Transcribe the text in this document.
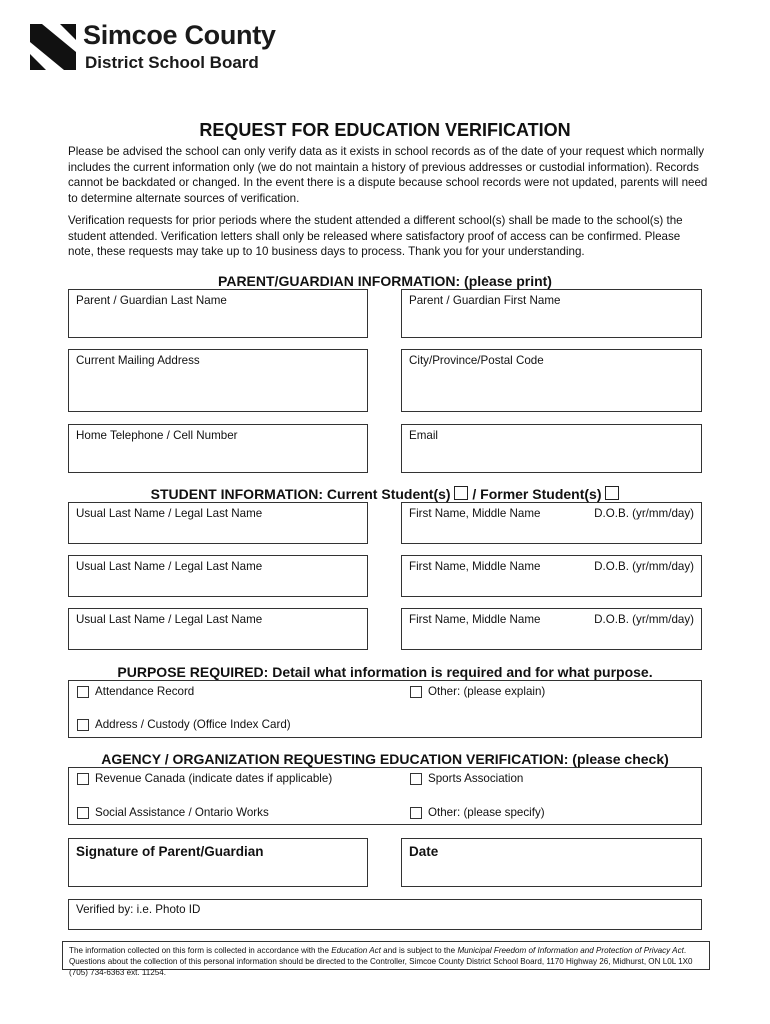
Simcoe County
District School Board
REQUEST FOR EDUCATION VERIFICATION
Please be advised the school can only verify data as it exists in school records as of the date of your request which normally includes the current information only (we do not maintain a history of previous addresses or custodial information). Records cannot be backdated or changed. In the event there is a dispute because school records were not updated, parents will need to determine alternate sources of verification.
Verification requests for prior periods where the student attended a different school(s) shall be made to the school(s) the student attended. Verification letters shall only be released where satisfactory proof of access can be confirmed. Please note, these requests may take up to 10 business days to process. Thank you for your understanding.
PARENT/GUARDIAN INFORMATION: (please print)
Parent / Guardian Last Name	Parent / Guardian First Name
Current Mailing Address	City/Province/Postal Code
Home Telephone / Cell Number	Email
STUDENT INFORMATION: Current Student(s) / Former Student(s)
Usual Last Name / Legal Last Name	First Name, Middle Name	D.O.B. (yr/mm/day)
Usual Last Name / Legal Last Name	First Name, Middle Name	D.O.B. (yr/mm/day)
Usual Last Name / Legal Last Name	First Name, Middle Name	D.O.B. (yr/mm/day)
PURPOSE REQUIRED: Detail what information is required and for what purpose.
Attendance Record	Other: (please explain)
Address / Custody (Office Index Card)
AGENCY / ORGANIZATION REQUESTING EDUCATION VERIFICATION: (please check)
Revenue Canada (indicate dates if applicable)	Sports Association
Social Assistance / Ontario Works	Other: (please specify)
Signature of Parent/Guardian	Date
Verified by: i.e. Photo ID
The information collected on this form is collected in accordance with the Education Act and is subject to the Municipal Freedom of Information and Protection of Privacy Act. Questions about the collection of this personal information should be directed to the Controller, Simcoe County District School Board, 1170 Highway 26, Midhurst, ON L0L 1X0 (705) 734-6363 ext. 11254.
